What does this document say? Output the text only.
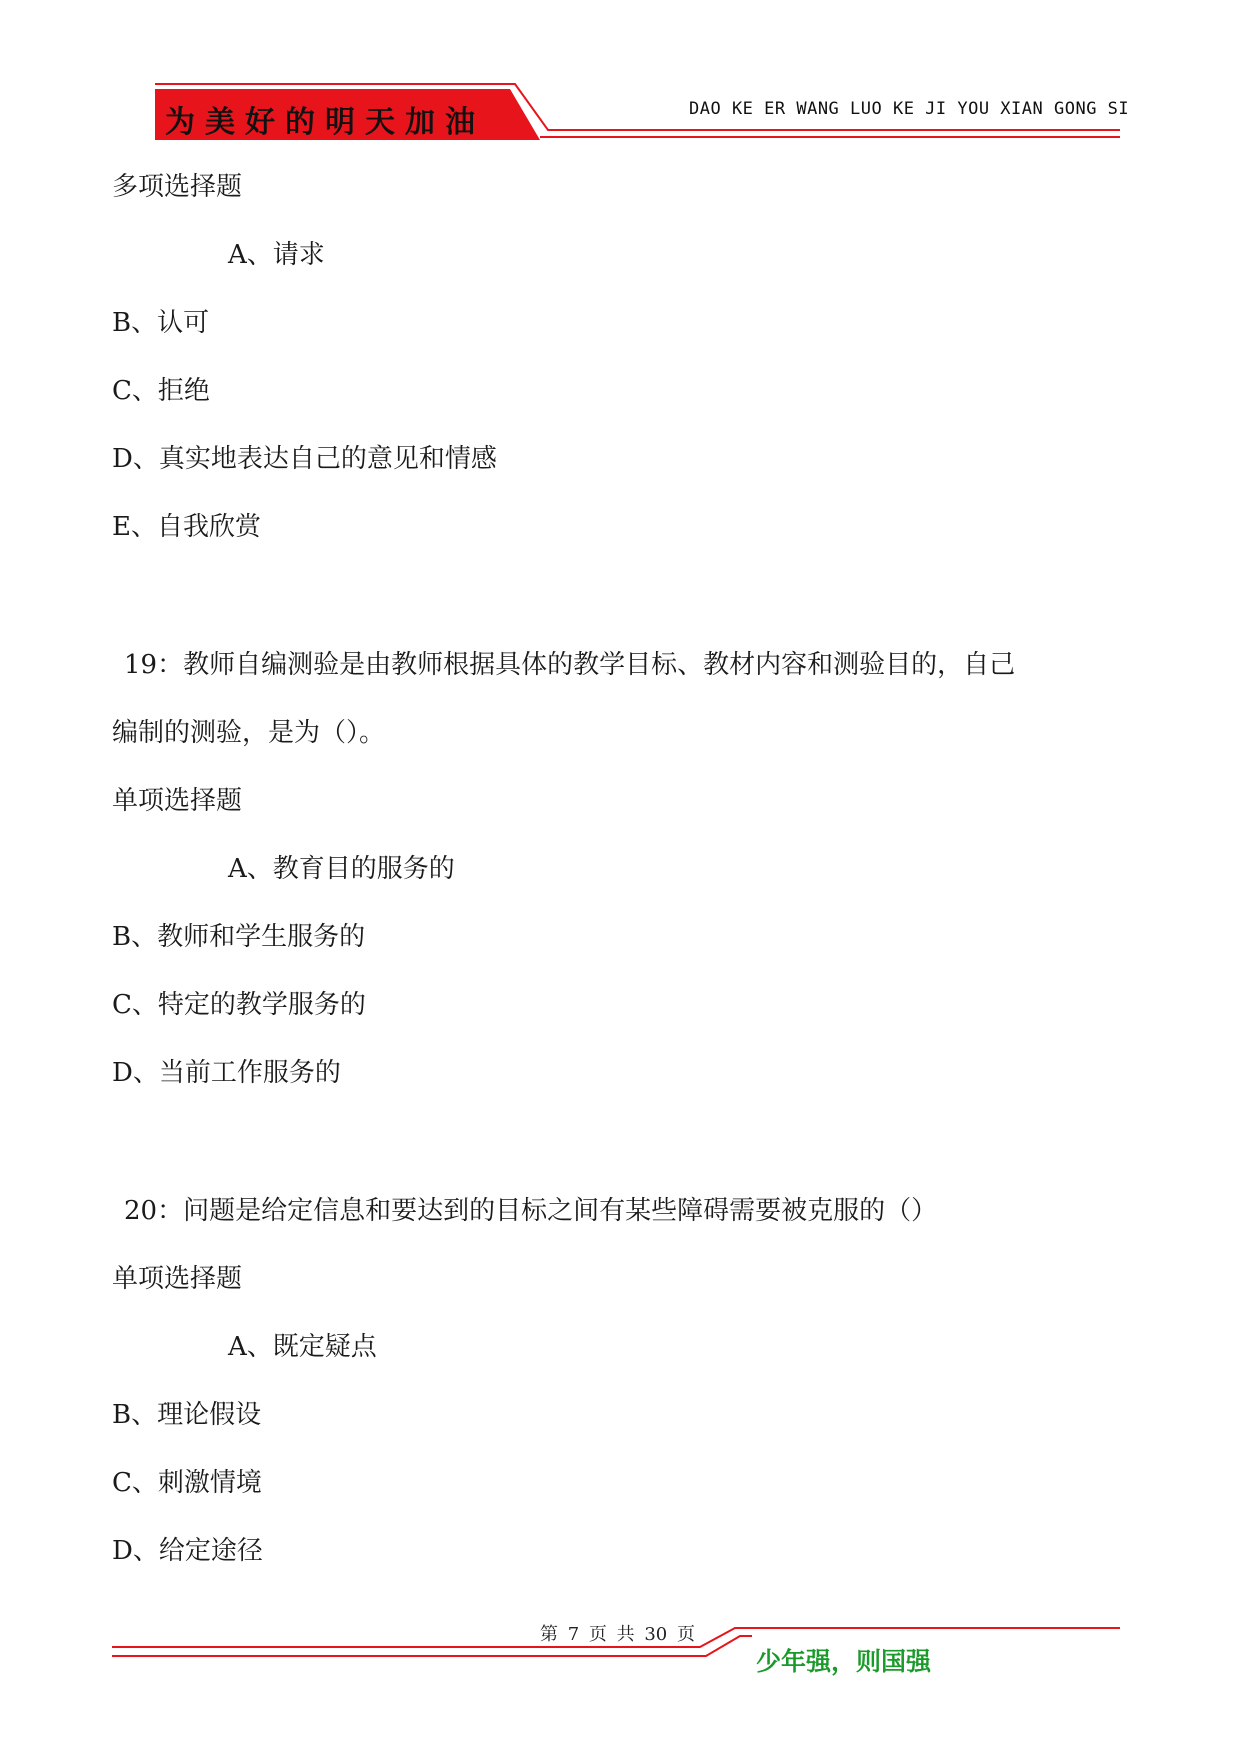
为美好的明天加油	DAO KE ER WANG LUO KE JI YOU XIAN GONG SI
多项选择题
A、请求
B、认可
C、拒绝
D、真实地表达自己的意见和情感
E、自我欣赏
19：教师自编测验是由教师根据具体的教学目标、教材内容和测验目的，自己
编制的测验，是为（）。
单项选择题
A、教育目的服务的
B、教师和学生服务的
C、特定的教学服务的
D、当前工作服务的
20：问题是给定信息和要达到的目标之间有某些障碍需要被克服的（）
单项选择题
A、既定疑点
B、理论假设
C、刺激情境
D、给定途径
第 7 页 共 30 页
少年强，则国强
